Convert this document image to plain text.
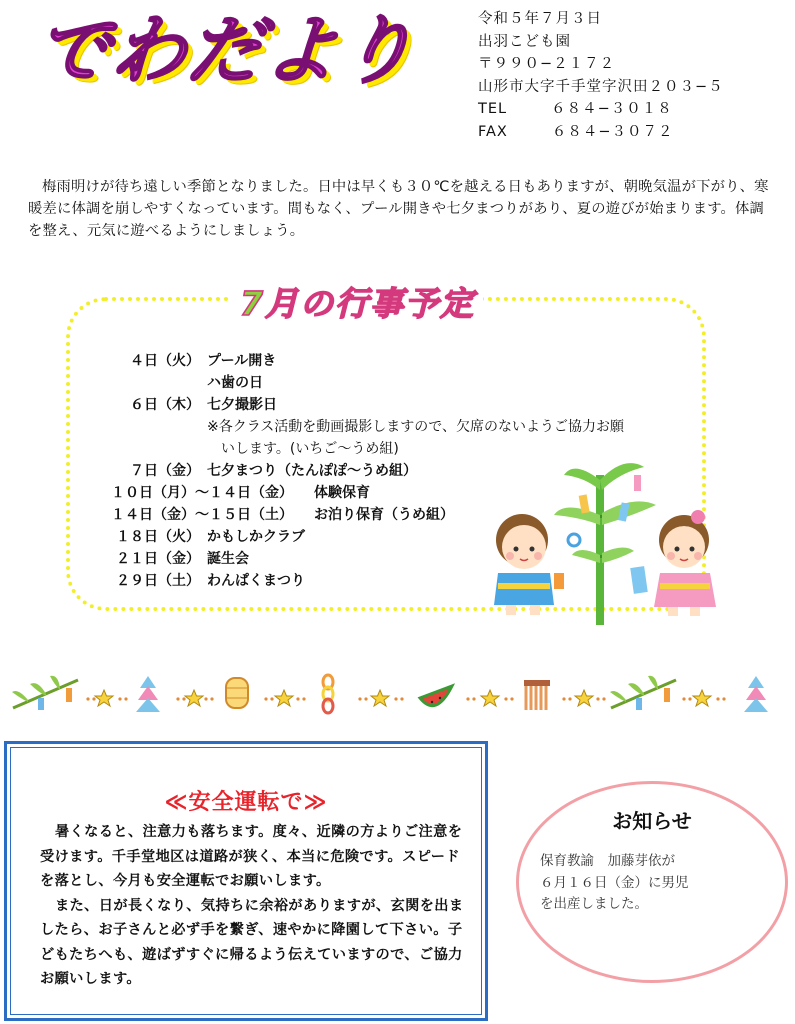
でわだより	令和５年７月３日
出羽こども園
〒９９０−２１７２
山形市大字千手堂字沢田２０３−５
TEL	６８４−３０１８
FAX	６８４−３０７２
梅雨明けが待ち遠しい季節となりました。日中は早くも３０℃を越える日もありますが、朝晩気温が下がり、寒暖差に体調を崩しやすくなっています。間もなく、プール開きや七夕まつりがあり、夏の遊びが始まります。体調を整え、元気に遊べるようにしましょう。
7月の行事予定
４日（火） プール開き
ハ歯の日
６日（木） 七夕撮影日
※各クラス活動を動画撮影しますので、欠席のないようご協力お願
　いします。(いちご～うめ組)
７日（金） 七夕まつり（たんぽぽ～うめ組）
１０日（月）～１４日（金） 体験保育
１４日（金）～１５日（土） お泊り保育（うめ組）
１８日（火） かもしかクラブ
２１日（金） 誕生会
２９日（土） わんぱくまつり
≪安全運転で≫

暑くなると、注意力も落ちます。度々、近隣の方よりご注意を受けます。千手堂地区は道路が狭く、本当に危険です。スピードを落とし、今月も安全運転でお願いします。

また、日が長くなり、気持ちに余裕がありますが、玄関を出ましたら、お子さんと必ず手を繋ぎ、速やかに降園して下さい。子どもたちへも、遊ばずすぐに帰るよう伝えていますので、ご協力お願いします。

お知らせ
保育教諭　加藤芽依が
６月１６日（金）に男児
を出産しました。
